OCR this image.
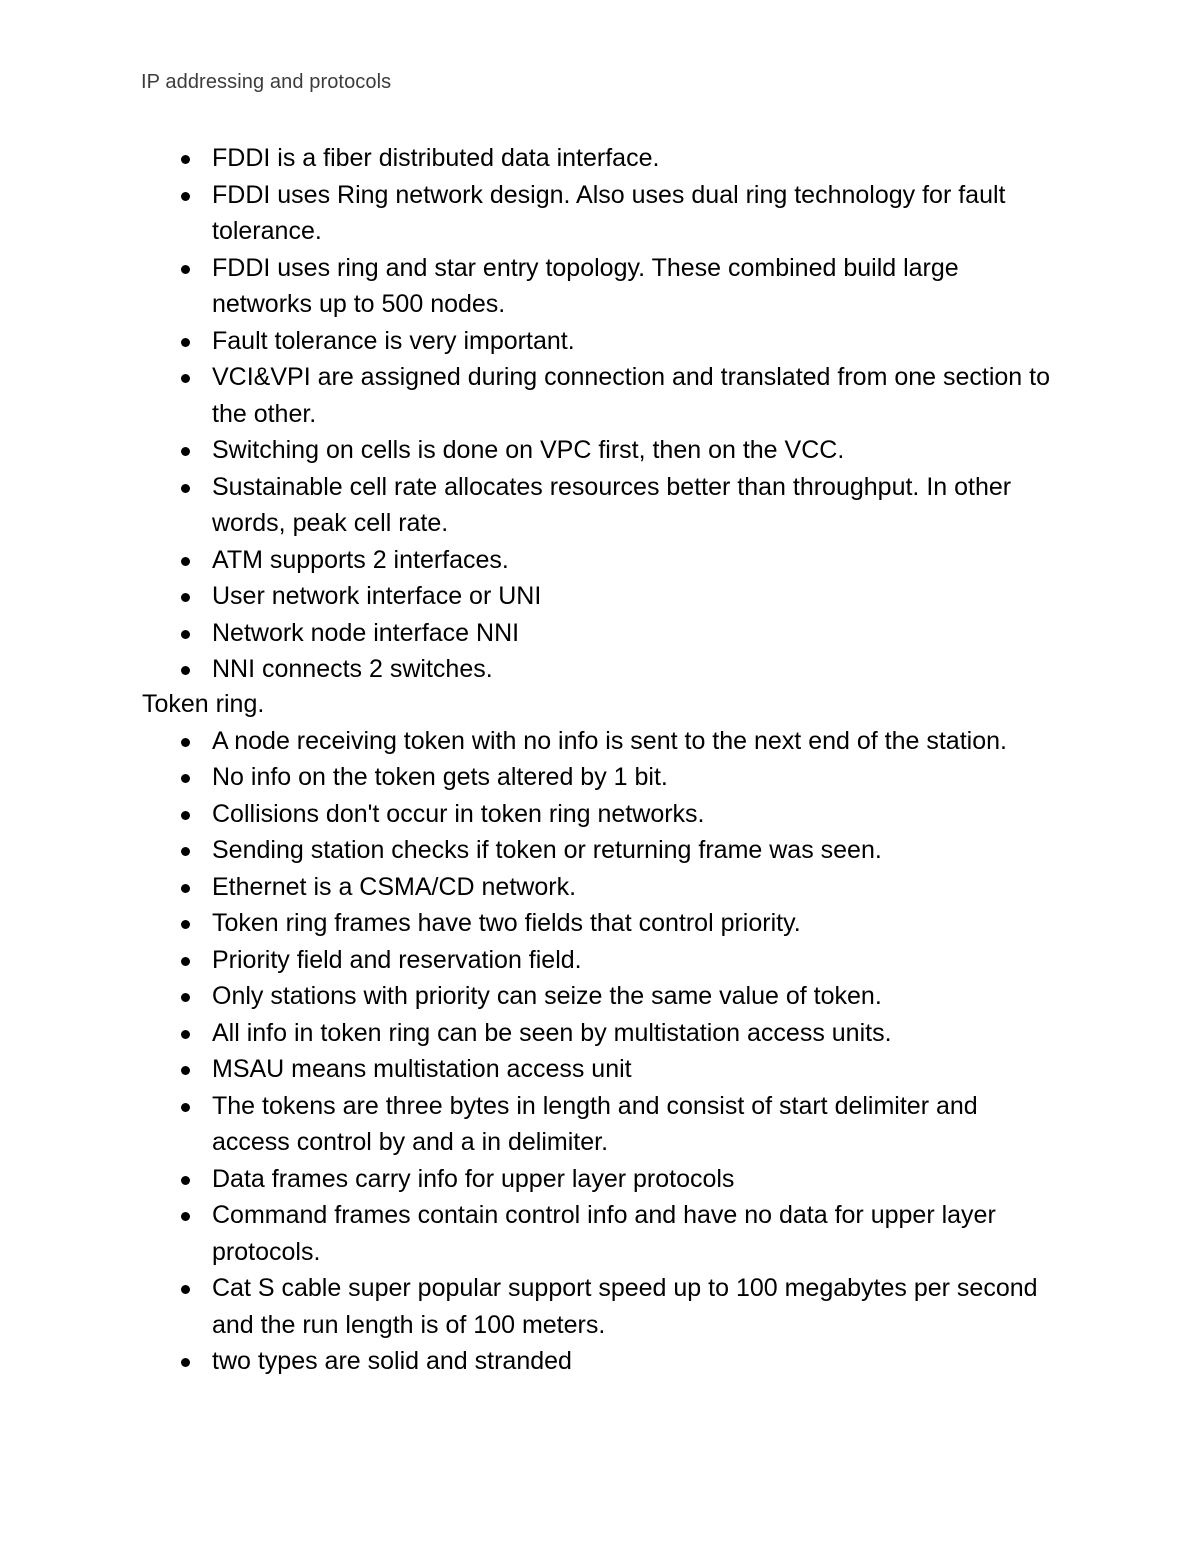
IP addressing and protocols
FDDI is a fiber distributed data interface.
FDDI uses Ring network design. Also uses dual ring technology for fault tolerance.
FDDI uses ring and star entry topology. These combined build large networks up to 500 nodes.
Fault tolerance is very important.
VCI&VPI are assigned during connection and translated from one section to the other.
Switching on cells is done on VPC first, then on the VCC.
Sustainable cell rate allocates resources better than throughput. In other words, peak cell rate.
ATM supports 2 interfaces.
User network interface or UNI
Network node interface NNI
NNI connects 2 switches.
Token ring.
A node receiving token with no info is sent to the next end of the station.
No info on the token gets altered by 1 bit.
Collisions don't occur in token ring networks.
Sending station checks if token or returning frame was seen.
Ethernet is a CSMA/CD network.
Token ring frames have two fields that control priority.
Priority field and reservation field.
Only stations with priority can seize the same value of token.
All info in token ring can be seen by multistation access units.
MSAU means multistation access unit
The tokens are three bytes in length and consist of start delimiter and access control by and a in delimiter.
Data frames carry info for upper layer protocols
Command frames contain control info and have no data for upper layer protocols.
Cat S cable super popular support speed up to 100 megabytes per second and the run length is of 100 meters.
two types are solid and stranded
